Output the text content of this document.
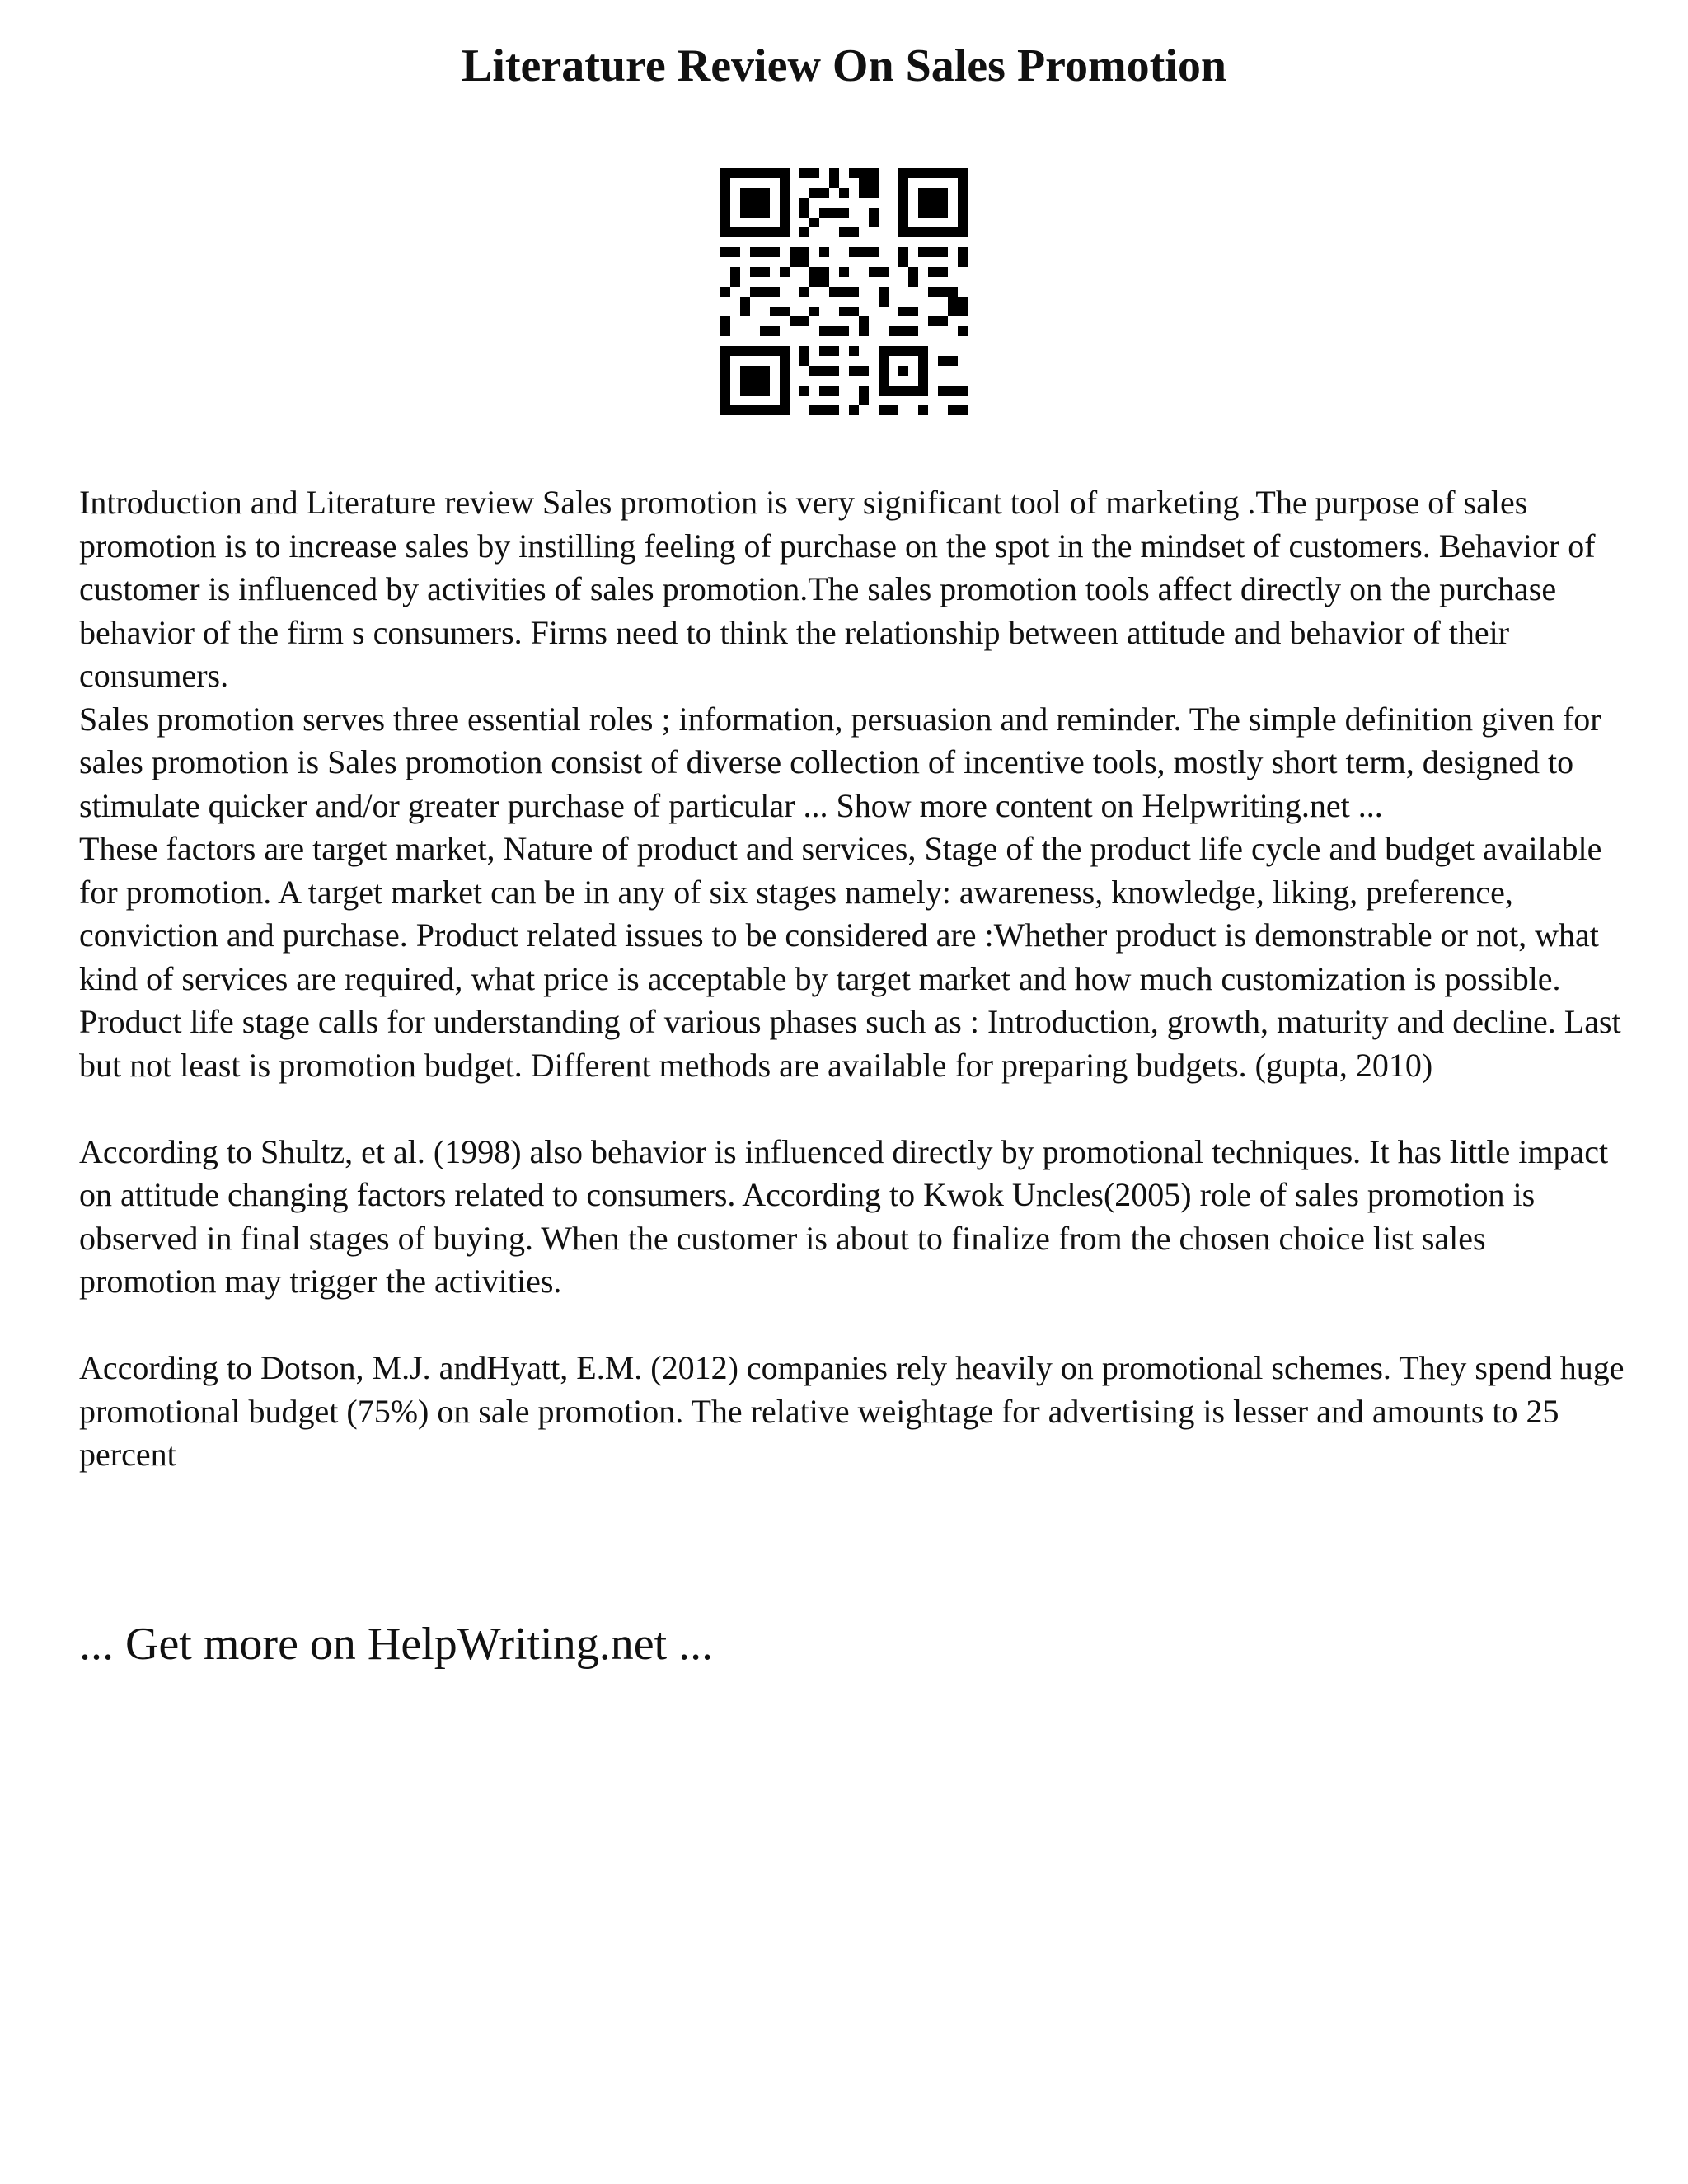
Literature Review On Sales Promotion

Introduction and Literature review Sales promotion is very significant tool of marketing .The purpose of sales promotion is to increase sales by instilling feeling of purchase on the spot in the mindset of customers. Behavior of customer is influenced by activities of sales promotion.The sales promotion tools affect directly on the purchase behavior of the firm s consumers. Firms need to think the relationship between attitude and behavior of their consumers.

Sales promotion serves three essential roles ; information, persuasion and reminder. The simple definition given for sales promotion is Sales promotion consist of diverse collection of incentive tools, mostly short term, designed to stimulate quicker and/or greater purchase of particular ... Show more content on Helpwriting.net ...

These factors are target market, Nature of product and services, Stage of the product life cycle and budget available for promotion. A target market can be in any of six stages namely: awareness, knowledge, liking, preference, conviction and purchase. Product related issues to be considered are :Whether product is demonstrable or not, what kind of services are required, what price is acceptable by target market and how much customization is possible. Product life stage calls for understanding of various phases such as : Introduction, growth, maturity and decline. Last but not least is promotion budget. Different methods are available for preparing budgets. (gupta, 2010)

According to Shultz, et al. (1998) also behavior is influenced directly by promotional techniques. It has little impact on attitude changing factors related to consumers. According to Kwok Uncles(2005) role of sales promotion is observed in final stages of buying. When the customer is about to finalize from the chosen choice list sales promotion may trigger the activities.

According to Dotson, M.J. andHyatt, E.M. (2012) companies rely heavily on promotional schemes. They spend huge promotional budget (75%) on sale promotion. The relative weightage for advertising is lesser and amounts to 25 percent

... Get more on HelpWriting.net ...
